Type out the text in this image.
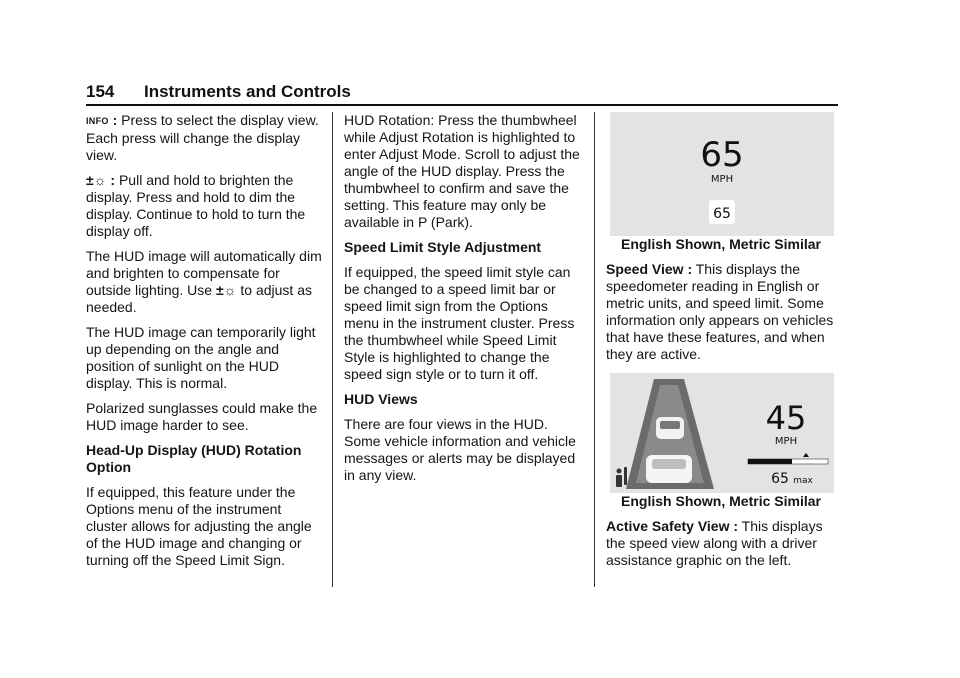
154 Instruments and Controls

INFO : Press to select the display view. Each press will change the display view.

±☼ : Pull and hold to brighten the display. Press and hold to dim the display. Continue to hold to turn the display off.

The HUD image will automatically dim and brighten to compensate for outside lighting. Use ±☼ to adjust as needed.

The HUD image can temporarily light up depending on the angle and position of sunlight on the HUD display. This is normal.

Polarized sunglasses could make the HUD image harder to see.

Head-Up Display (HUD) Rotation Option

If equipped, this feature under the Options menu of the instrument cluster allows for adjusting the angle of the HUD image and changing or turning off the Speed Limit Sign.

HUD Rotation: Press the thumbwheel while Adjust Rotation is highlighted to enter Adjust Mode. Scroll to adjust the angle of the HUD display. Press the thumbwheel to confirm and save the setting. This feature may only be available in P (Park).

Speed Limit Style Adjustment

If equipped, the speed limit style can be changed to a speed limit bar or speed limit sign from the Options menu in the instrument cluster. Press the thumbwheel while Speed Limit Style is highlighted to change the speed sign style or to turn it off.

HUD Views

There are four views in the HUD. Some vehicle information and vehicle messages or alerts may be displayed in any view.

65
MPH
65

English Shown, Metric Similar

Speed View : This displays the speedometer reading in English or metric units, and speed limit. Some information only appears on vehicles that have these features, and when they are active.

45
MPH
65 max

English Shown, Metric Similar

Active Safety View : This displays the speed view along with a driver assistance graphic on the left.
